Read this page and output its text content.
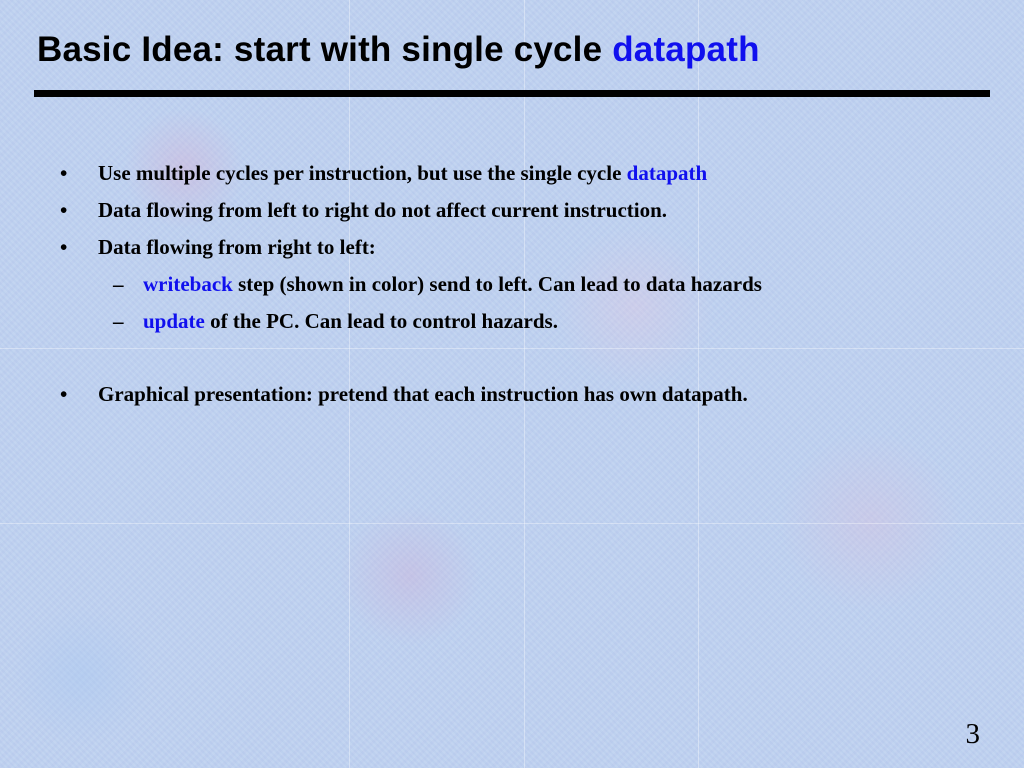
Basic Idea: start with single cycle datapath
• Use multiple cycles per instruction, but use the single cycle datapath
• Data flowing from left to right do not affect current instruction.
• Data flowing from right to left:
– writeback step (shown in color) send to left. Can lead to data hazards
– update of the PC. Can lead to control hazards.
• Graphical presentation: pretend that each instruction has own datapath.
3
